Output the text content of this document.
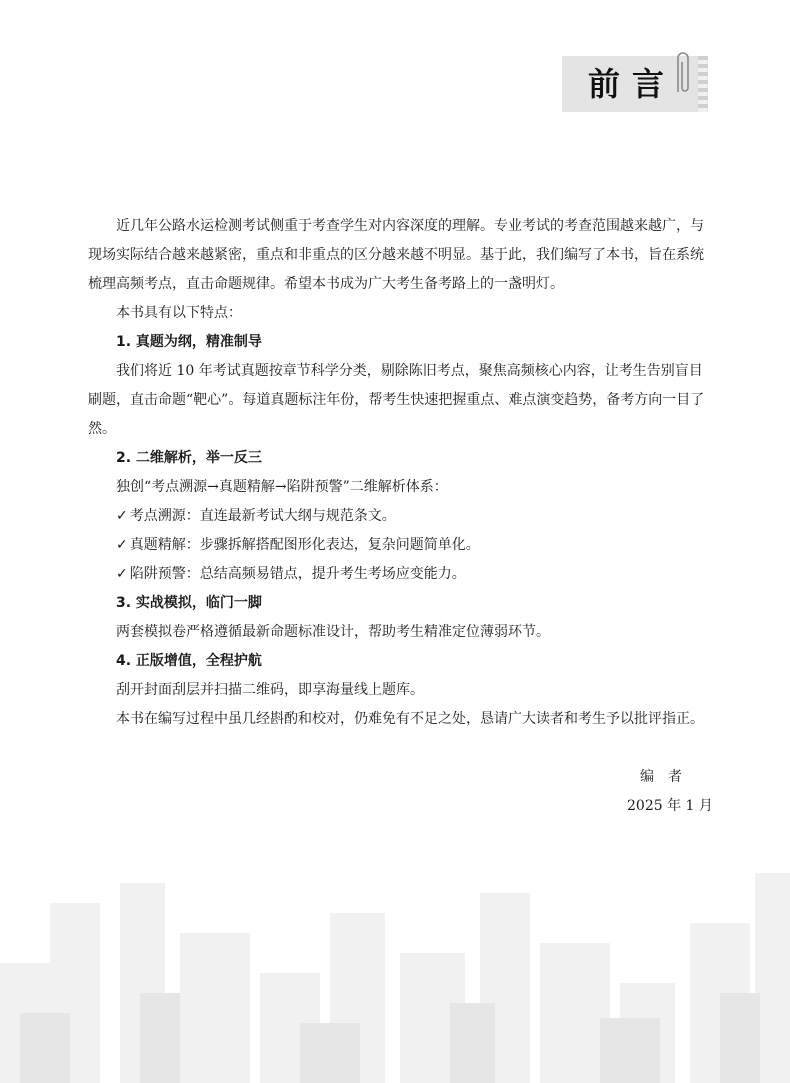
前言

近几年公路水运检测考试侧重于考查学生对内容深度的理解。专业考试的考查范围越来越广，与现场实际结合越来越紧密，重点和非重点的区分越来越不明显。基于此，我们编写了本书，旨在系统梳理高频考点，直击命题规律。希望本书成为广大考生备考路上的一盏明灯。

本书具有以下特点：

1. 真题为纲，精准制导

我们将近 10 年考试真题按章节科学分类，剔除陈旧考点，聚焦高频核心内容，让考生告别盲目刷题，直击命题“靶心”。每道真题标注年份，帮考生快速把握重点、难点演变趋势，备考方向一目了然。

2. 二维解析，举一反三

独创“考点溯源→真题精解→陷阱预警”二维解析体系：

✓ 考点溯源：直连最新考试大纲与规范条文。

✓ 真题精解：步骤拆解搭配图形化表达，复杂问题简单化。

✓ 陷阱预警：总结高频易错点，提升考生考场应变能力。

3. 实战模拟，临门一脚

两套模拟卷严格遵循最新命题标准设计，帮助考生精准定位薄弱环节。

4. 正版增值，全程护航

刮开封面刮层并扫描二维码，即享海量线上题库。

本书在编写过程中虽几经斟酌和校对，仍难免有不足之处，恳请广大读者和考生予以批评指正。

编者
2025 年 1 月
